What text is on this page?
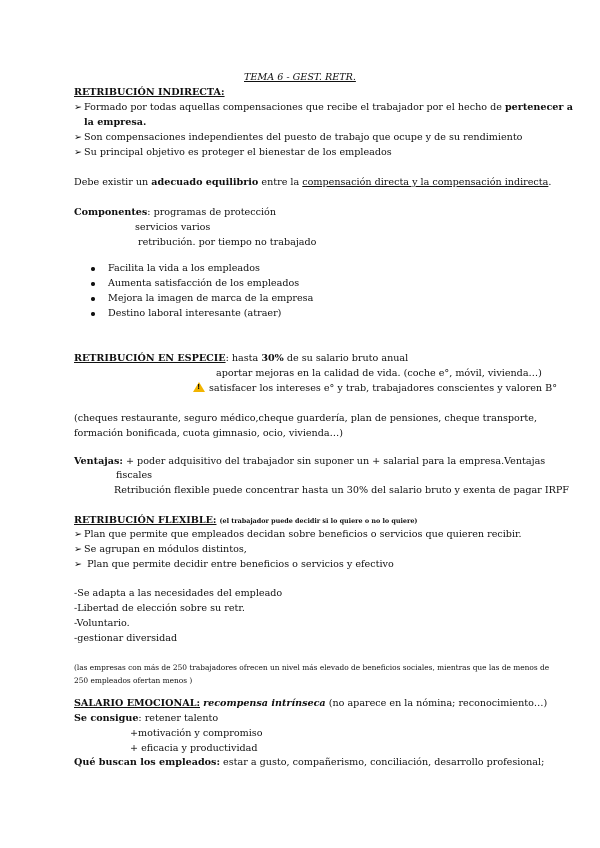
TEMA 6 - GEST. RETR.
RETRIBUCIÓN INDIRECTA:
➢ Formado por todas aquellas compensaciones que recibe el trabajador por el hecho de pertenecer a
la empresa.
➢ Son compensaciones independientes del puesto de trabajo que ocupe y de su rendimiento
➢ Su principal objetivo es proteger el bienestar de los empleados
Debe existir un adecuado equilibrio entre la compensación directa y la compensación indirecta.
Componentes: programas de protección
servicios varios
retribución. por tiempo no trabajado
Facilita la vida a los empleados
Aumenta satisfacción de los empleados
Mejora la imagen de marca de la empresa
Destino laboral interesante (atraer)
RETRIBUCIÓN EN ESPECIE: hasta 30% de su salario bruto anual
aportar mejoras en la calidad de vida. (coche e°, móvil, vivienda…)
!satisfacer los intereses e° y trab, trabajadores conscientes y valoren B°
(cheques restaurante, seguro médico,cheque guardería, plan de pensiones, cheque transporte,
formación bonificada, cuota gimnasio, ocio, vivienda…)
Ventajas: + poder adquisitivo del trabajador sin suponer un + salarial para la empresa.Ventajas
fiscales
Retribución flexible puede concentrar hasta un 30% del salario bruto y exenta de pagar IRPF
RETRIBUCIÓN FLEXIBLE: (el trabajador puede decidir si lo quiere o no lo quiere)
➢ Plan que permite que empleados decidan sobre beneficios o servicios que quieren recibir.
➢ Se agrupan en módulos distintos,
➢ Plan que permite decidir entre beneficios o servicios y efectivo
-Se adapta a las necesidades del empleado
-Libertad de elección sobre su retr.
-Voluntario.
-gestionar diversidad
(las empresas con más de 250 trabajadores ofrecen un nivel más elevado de beneficios sociales, mientras que las de menos de
250 empleados ofertan menos )
SALARIO EMOCIONAL: recompensa intrínseca (no aparece en la nómina; reconocimiento…)
Se consigue: retener talento
+motivación y compromiso
+ eficacia y productividad
Qué buscan los empleados: estar a gusto, compañerismo, conciliación, desarrollo profesional;
